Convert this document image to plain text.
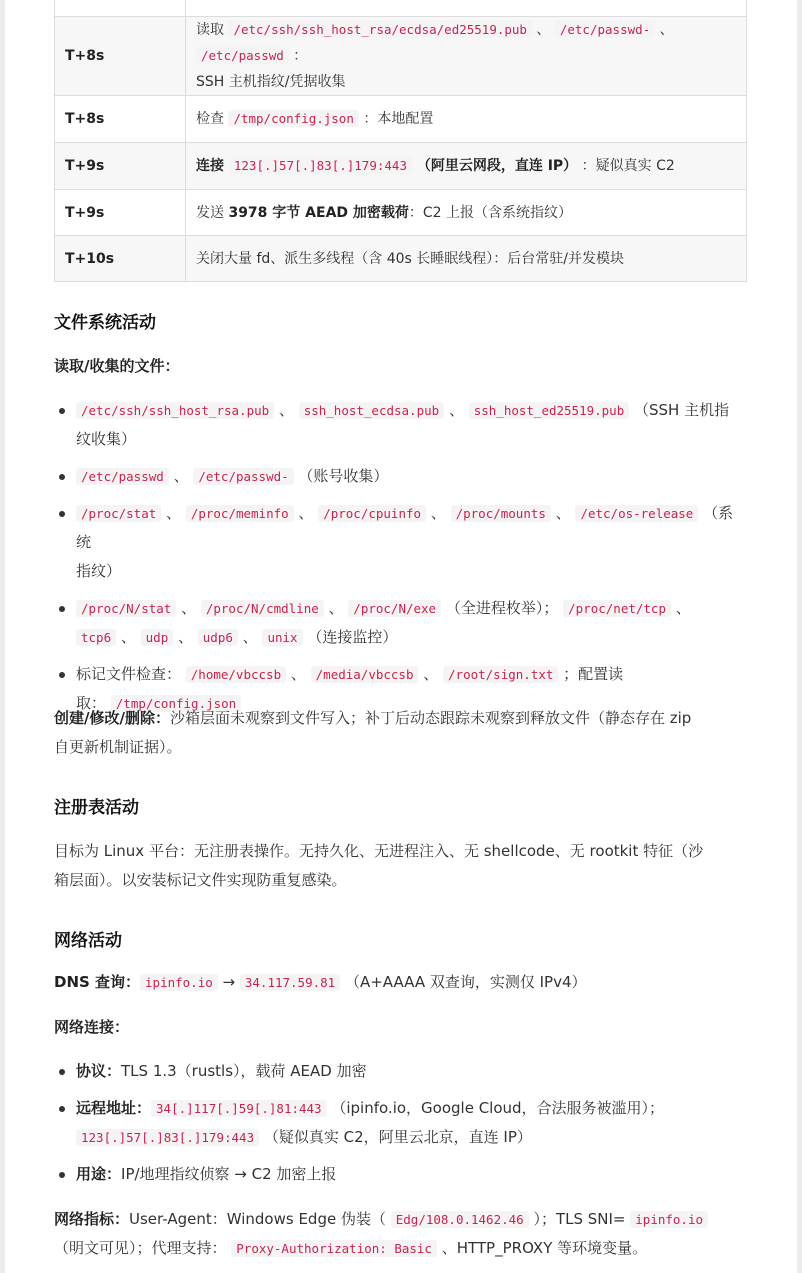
T+8s	读取 /etc/ssh/ssh_host_rsa/ecdsa/ed25519.pub 、 /etc/passwd- 、 /etc/passwd ：
SSH 主机指纹/凭据收集
T+8s	检查 /tmp/config.json ：本地配置
T+9s	连接 123[.]57[.]83[.]179:443 （阿里云网段，直连 IP） ：疑似真实 C2
T+9s	发送 3978 字节 AEAD 加密载荷：C2 上报（含系统指纹）
T+10s	关闭大量 fd、派生多线程（含 40s 长睡眠线程）：后台常驻/并发模块
文件系统活动
读取/收集的文件：
/etc/ssh/ssh_host_rsa.pub 、 ssh_host_ecdsa.pub 、 ssh_host_ed25519.pub （SSH 主机指
纹收集）
/etc/passwd 、 /etc/passwd- （账号收集）
/proc/stat 、 /proc/meminfo 、 /proc/cpuinfo 、 /proc/mounts 、 /etc/os-release （系统
指纹）
/proc/N/stat 、 /proc/N/cmdline 、 /proc/N/exe （全进程枚举）； /proc/net/tcp 、
tcp6 、 udp 、 udp6 、 unix （连接监控）
标记文件检查： /home/vbccsb 、 /media/vbccsb 、 /root/sign.txt ；配置读
取： /tmp/config.json
创建/修改/删除：沙箱层面未观察到文件写入；补丁后动态跟踪未观察到释放文件（静态存在 zip
自更新机制证据）。
注册表活动
目标为 Linux 平台：无注册表操作。无持久化、无进程注入、无 shellcode、无 rootkit 特征（沙
箱层面）。以安装标记文件实现防重复感染。
网络活动
DNS 查询： ipinfo.io → 34.117.59.81 （A+AAAA 双查询，实测仅 IPv4）
网络连接：
协议：TLS 1.3（rustls），载荷 AEAD 加密
远程地址： 34[.]117[.]59[.]81:443 （ipinfo.io，Google Cloud，合法服务被滥用）；
123[.]57[.]83[.]179:443 （疑似真实 C2，阿里云北京，直连 IP）
用途：IP/地理指纹侦察 → C2 加密上报
网络指标：User-Agent：Windows Edge 伪装（ Edg/108.0.1462.46 ）；TLS SNI= ipinfo.io
（明文可见）；代理支持： Proxy-Authorization: Basic 、HTTP_PROXY 等环境变量。
